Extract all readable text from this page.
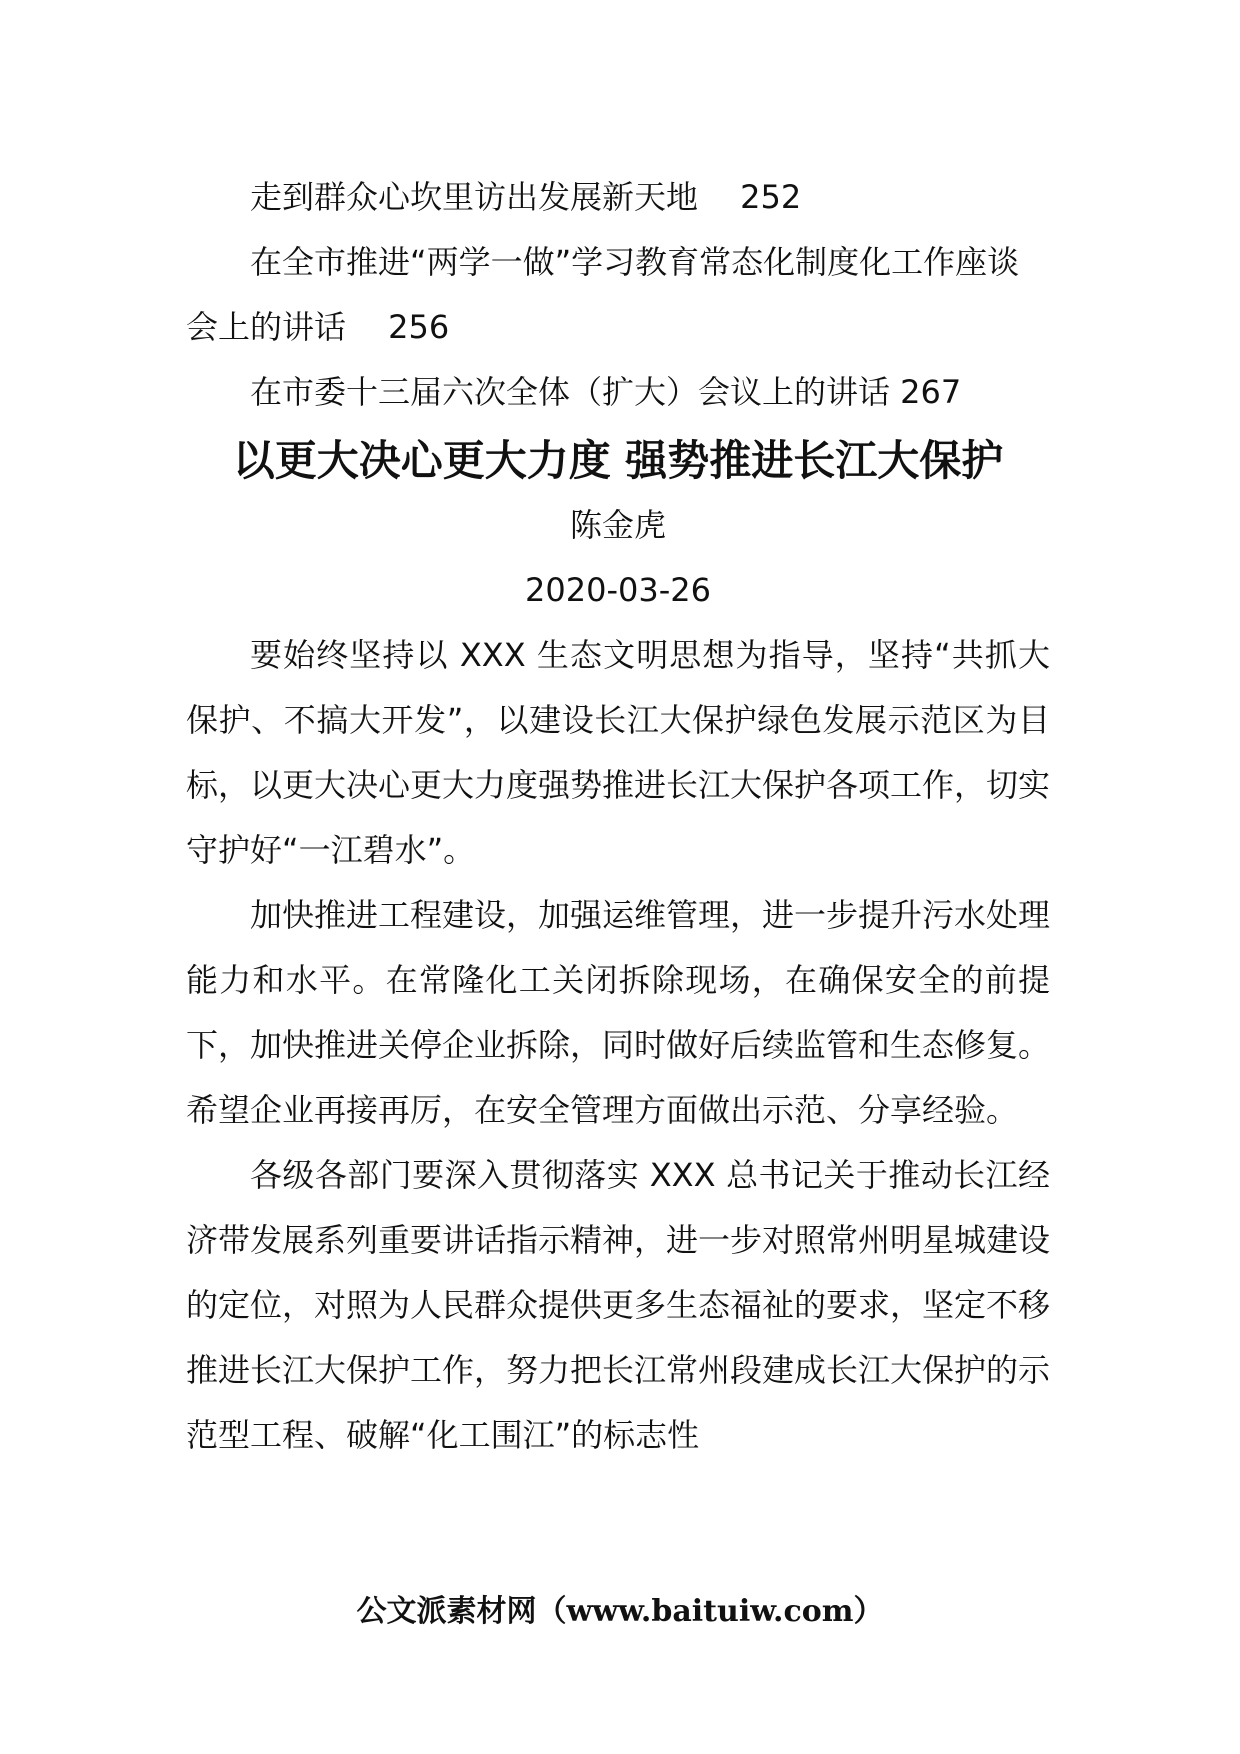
走到群众心坎里访出发展新天地　 252

在全市推进“两学一做”学习教育常态化制度化工作座谈会上的讲话　 256

在市委十三届六次全体（扩大）会议上的讲话 267

以更大决心更大力度 强势推进长江大保护

陈金虎

2020-03-26

要始终坚持以 XXX 生态文明思想为指导，坚持“共抓大保护、不搞大开发”，以建设长江大保护绿色发展示范区为目标，以更大决心更大力度强势推进长江大保护各项工作，切实守护好“一江碧水”。

加快推进工程建设，加强运维管理，进一步提升污水处理能力和水平。在常隆化工关闭拆除现场，在确保安全的前提下，加快推进关停企业拆除，同时做好后续监管和生态修复。希望企业再接再厉，在安全管理方面做出示范、分享经验。

各级各部门要深入贯彻落实 XXX 总书记关于推动长江经济带发展系列重要讲话指示精神，进一步对照常州明星城建设的定位，对照为人民群众提供更多生态福祉的要求，坚定不移推进长江大保护工作，努力把长江常州段建成长江大保护的示范型工程、破解“化工围江”的标志性

公文派素材网（www.baituiw.com）
